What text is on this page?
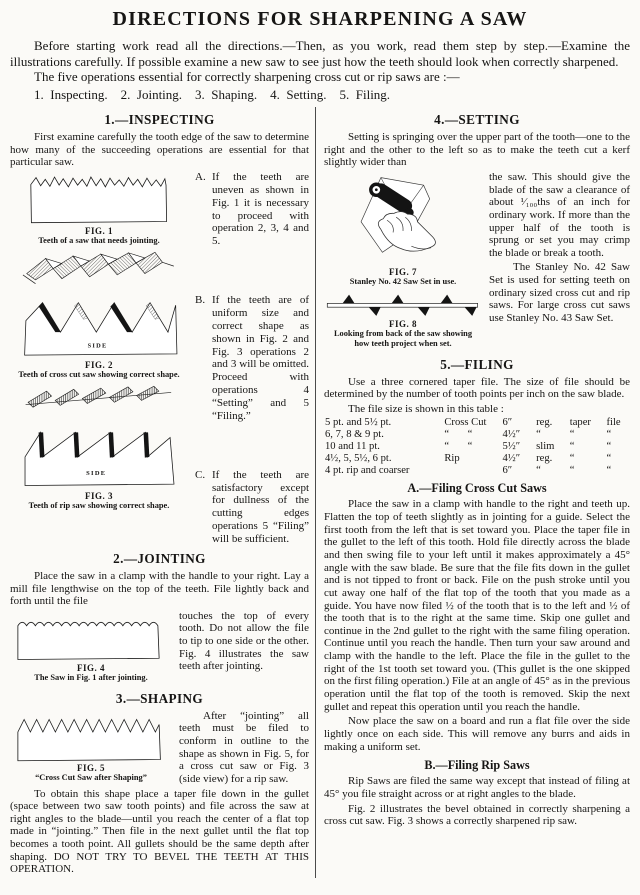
DIRECTIONS FOR SHARPENING A SAW

Before starting work read all the directions.—Then, as you work, read them step by step.—Examine the illustrations carefully. If possible examine a new saw to see just how the teeth should look when correctly sharpened.

The five operations essential for correctly sharpening cross cut or rip saws are :—

1.  Inspecting.    2.  Jointing.    3.  Shaping.    4.  Setting.    5.  Filing.

1.—INSPECTING

First examine carefully the tooth edge of the saw to determine how many of the succeeding operations are essential for that particular saw.

FIG. 1
Teeth of a saw that needs jointing.
SIDE
FIG. 2
Teeth of cross cut saw showing correct shape.
SIDE
FIG. 3
Teeth of rip saw showing correct shape.
A. If the teeth are uneven as shown in Fig. 1 it is necessary to proceed with operation 2, 3, 4 and 5.

B. If the teeth are of uniform size and correct shape as shown in Fig. 2 and Fig. 3 operations 2 and 3 will be omitted. Proceed with operations 4 “Setting” and 5 “Filing.”

C. If the teeth are satisfactory except for dullness of the cutting edges operations 5 “Filing” will be sufficient.

2.—JOINTING

Place the saw in a clamp with the handle to your right. Lay a mill file lengthwise on the top of the teeth. File lightly back and forth until the file

FIG. 4
The Saw in Fig. 1 after jointing.

touches the top of every tooth. Do not allow the file to tip to one side or the other. Fig. 4 illustrates the saw teeth after jointing.

3.—SHAPING
FIG. 5
“Cross Cut Saw after Shaping”

After “jointing” all teeth must be filed to conform in outline to the shape as shown in Fig. 5, for a cross cut saw or Fig. 3 (side view) for a rip saw.

To obtain this shape place a taper file down in the gullet (space between two saw tooth points) and file across the saw at right angles to the blade—until you reach the center of a flat top made in “jointing.” Then file in the next gullet until the flat top becomes a tooth point. All gullets should be the same depth after shaping. DO NOT TRY TO BEVEL THE TEETH AT THIS OPERATION.

4.—SETTING

Setting is springing over the upper part of the tooth—one to the right and the other to the left so as to make the teeth cut a kerf slightly wider than

FIG. 7
Stanley No. 42 Saw Set in use.
FIG. 8
Looking from back of the saw showing how teeth project when set.

the saw. This should give the blade of the saw a clearance of about ¹⁄₁₀₀ths of an inch for ordinary work. If more than the upper half of the tooth is sprung or set you may crimp the blade or break a tooth.

The Stanley No. 42 Saw Set is used for setting teeth on ordinary sized cross cut and rip saws. For large cross cut saws use Stanley No. 43 Saw Set.

5.—FILING

Use a three cornered taper file. The size of file should be determined by the number of tooth points per inch on the saw blade.

The file size is shown in this table :

5 pt. and 5½ pt.	Cross Cut	6″	reg.	taper	file
6, 7, 8 & 9 pt.	“       “	4½″	“	“	“
10 and 11 pt.	“       “	5½″	slim	“	“
4½, 5, 5½, 6 pt.	Rip	4½″	reg.	“	“
4 pt. rip and coarser		6″	“	“	“
A.—Filing Cross Cut Saws

Place the saw in a clamp with handle to the right and teeth up. Flatten the top of teeth slightly as in jointing for a guide. Select the first tooth from the left that is set toward you. Place the taper file in the gullet to the left of this tooth. Hold file directly across the blade and then swing file to your left until it makes approximately a 45° angle with the saw blade. Be sure that the file fits down in the gullet and is not tipped to front or back. File on the push stroke until you cut away one half of the flat top of the tooth that you made as a guide. You have now filed ½ of the tooth that is to the left and ½ of the tooth that is to the right at the same time. Skip one gullet and continue in the 2nd gullet to the right with the same filing operation. Continue until you reach the handle. Then turn your saw around and clamp with the handle to the left. Place the file in the gullet to the right of the 1st tooth set toward you. (This gullet is the one skipped on the first filing operation.) File at an angle of 45° as in the previous operation until the flat top of the tooth is removed. Skip the next gullet and repeat this operation until you reach the handle.

Now place the saw on a board and run a flat file over the side lightly once on each side. This will remove any burrs and aids in making a uniform set.

B.—Filing Rip Saws

Rip Saws are filed the same way except that instead of filing at 45° you file straight across or at right angles to the blade.

Fig. 2 illustrates the bevel obtained in correctly sharpening a cross cut saw. Fig. 3 shows a correctly sharpened rip saw.
